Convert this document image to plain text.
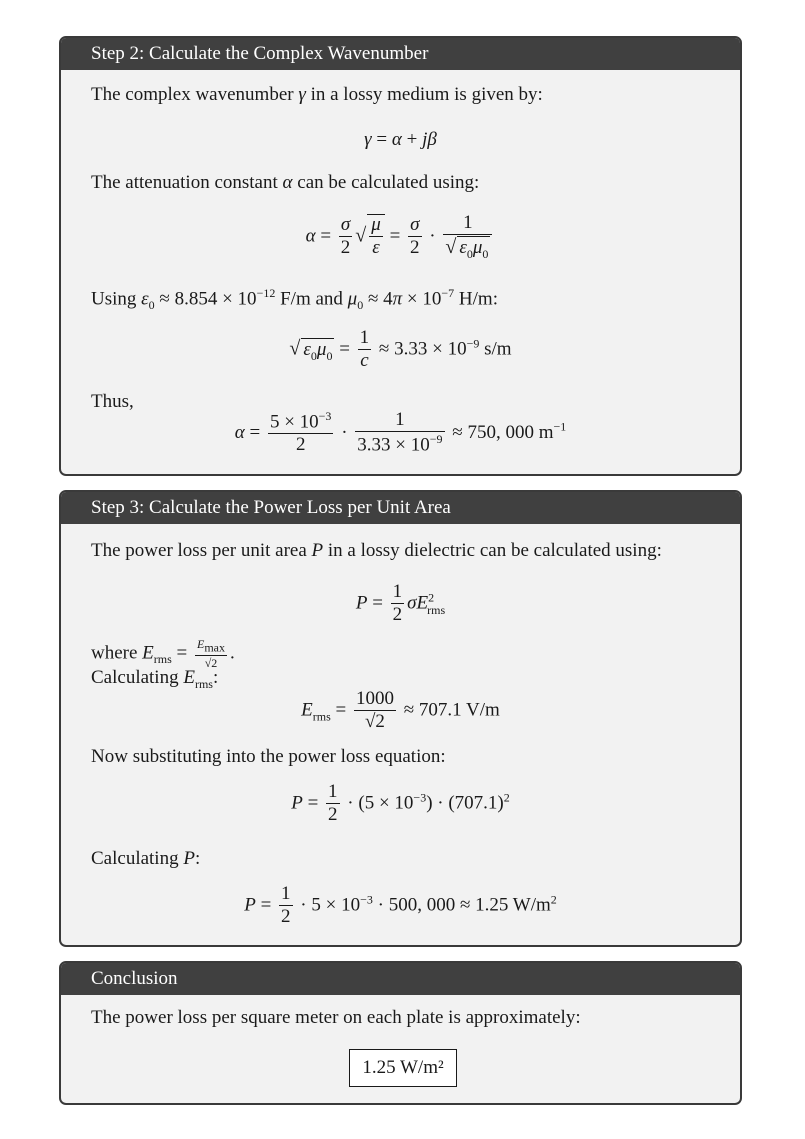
Step 2: Calculate the Complex Wavenumber
The complex wavenumber γ in a lossy medium is given by:
γ = α + jβ
The attenuation constant α can be calculated using:
$\alpha = \frac{\sigma}{2}$ √ $\frac{\mu}{\varepsilon} = \frac{\sigma}{2} \cdot \frac{1}{√ \varepsilon_0\mu_0}$
Using $\varepsilon_0 \approx 8.854 \times 10^{-12}$ F/m and $\mu_0 \approx 4\pi \times 10^{-7}$ H/m:
√ $\varepsilon_0\mu_0 = \frac{1}{c} \approx 3.33 \times 10^{-9}$ s/m
Thus,
$\alpha = \frac{5 \times 10^{-3}}{2} \cdot \frac{1}{3.33 \times 10^{-9}} \approx 750$, 000 $m^{-1}$
Step 3: Calculate the Power Loss per Unit Area
The power loss per unit area P in a lossy dielectric can be calculated using:
$P = \frac{1}{2} \sigma E^2_{rms}$
where $E_{rms} = \frac{E_{max}}{√2}$ .
Calculating $E_{rms}$:
$E_{rms} = \frac{1000}{√2} \approx 707.1$ V/m
Now substituting into the power loss equation:
$P = \frac{1}{2} \cdot (5 \times 10^{-3}) \cdot (707.1)^2$
Calculating P:
$P = \frac{1}{2} \cdot 5 \times 10^{-3} \cdot 500$, 000 ≈ 1.25 $W/m^2$
Conclusion
The power loss per square meter on each plate is approximately:
1.25 W/m²
